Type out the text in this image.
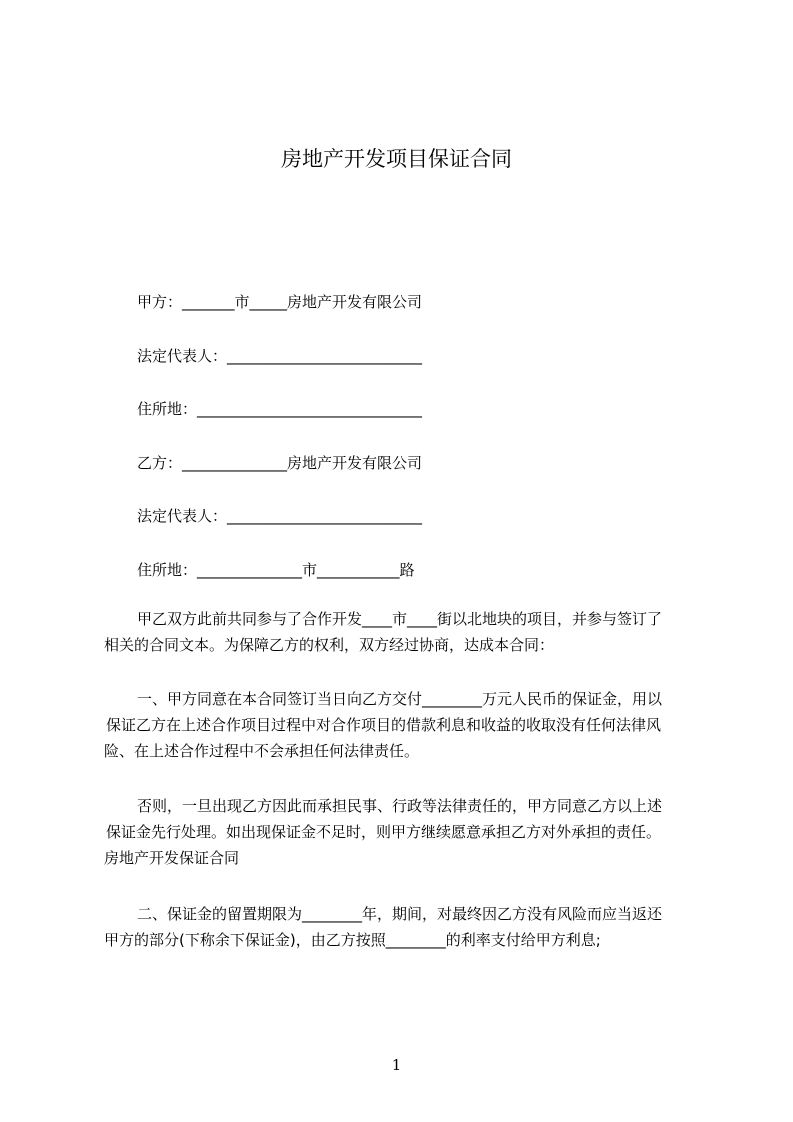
房地产开发项目保证合同
甲方：_______市_____房地产开发有限公司
法定代表人：__________________________
住所地：______________________________
乙方：______________房地产开发有限公司
法定代表人：__________________________
住所地：______________市___________路
甲乙双方此前共同参与了合作开发____市____街以北地块的项目，并参与签订了
相关的合同文本。为保障乙方的权利，双方经过协商，达成本合同：
一、甲方同意在本合同签订当日向乙方交付________万元人民币的保证金，用以
保证乙方在上述合作项目过程中对合作项目的借款利息和收益的收取没有任何法律风
险、在上述合作过程中不会承担任何法律责任。
否则，一旦出现乙方因此而承担民事、行政等法律责任的，甲方同意乙方以上述
保证金先行处理。如出现保证金不足时，则甲方继续愿意承担乙方对外承担的责任。
房地产开发保证合同
二、保证金的留置期限为________年，期间，对最终因乙方没有风险而应当返还
甲方的部分(下称余下保证金)，由乙方按照________的利率支付给甲方利息;
1
